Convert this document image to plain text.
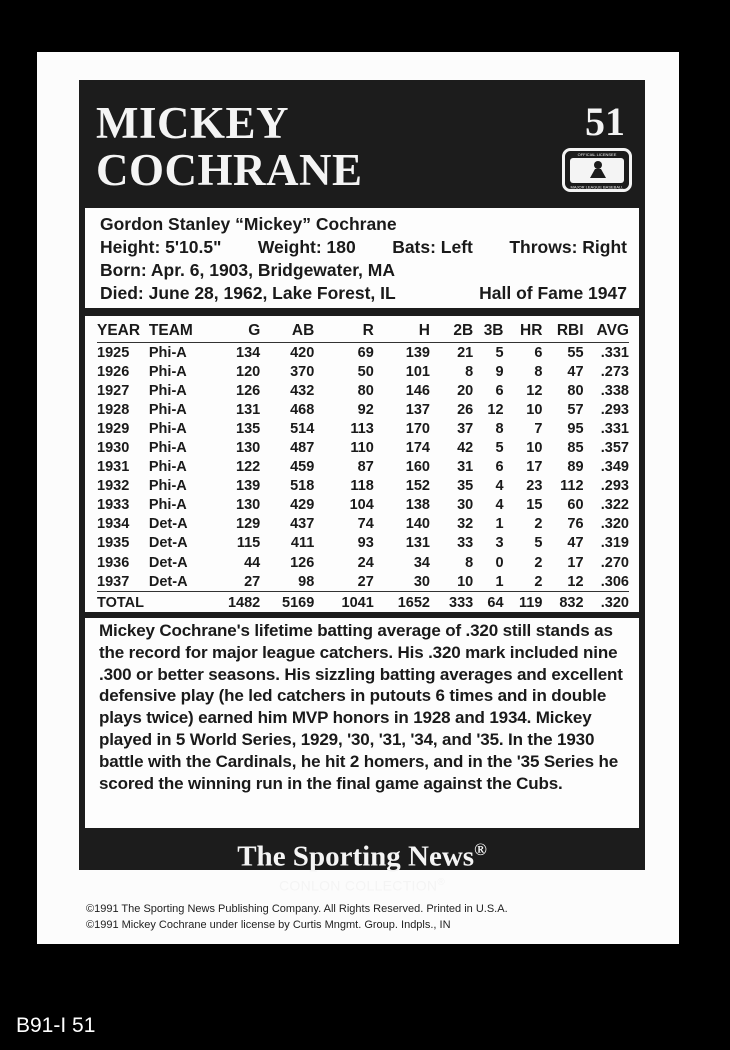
MICKEY
COCHRANE
51
OFFICIAL LICENSEE
MAJOR LEAGUE BASEBALL
Gordon Stanley “Mickey” Cochrane
Height: 5'10.5" Weight: 180 Bats: Left Throws: Right
Born: Apr. 6, 1903, Bridgewater, MA
Died: June 28, 1962, Lake Forest, IL	Hall of Fame 1947
YEAR	TEAM	G	AB	R	H	2B	3B	HR	RBI	AVG
1925	Phi-A	134	420	69	139	21	5	6	55	.331
1926	Phi-A	120	370	50	101	8	9	8	47	.273
1927	Phi-A	126	432	80	146	20	6	12	80	.338
1928	Phi-A	131	468	92	137	26	12	10	57	.293
1929	Phi-A	135	514	113	170	37	8	7	95	.331
1930	Phi-A	130	487	110	174	42	5	10	85	.357
1931	Phi-A	122	459	87	160	31	6	17	89	.349
1932	Phi-A	139	518	118	152	35	4	23	112	.293
1933	Phi-A	130	429	104	138	30	4	15	60	.322
1934	Det-A	129	437	74	140	32	1	2	76	.320
1935	Det-A	115	411	93	131	33	3	5	47	.319
1936	Det-A	44	126	24	34	8	0	2	17	.270
1937	Det-A	27	98	27	30	10	1	2	12	.306
TOTAL		1482	5169	1041	1652	333	64	119	832	.320

Mickey Cochrane's lifetime batting average of .320 still stands as the record for major league catchers. His .320 mark included nine .300 or better seasons. His sizzling batting averages and excellent defensive play (he led catchers in putouts 6 times and in double plays twice) earned him MVP honors in 1928 and 1934. Mickey played in 5 World Series, 1929, '30, '31, '34, and '35. In the 1930 battle with the Cardinals, he hit 2 homers, and in the '35 Series he scored the winning run in the final game against the Cubs.

The Sporting News®
CONLON COLLECTION®
©1991 The Sporting News Publishing Company. All Rights Reserved. Printed in U.S.A.
©1991 Mickey Cochrane under license by Curtis Mngmt. Group. Indpls., IN
B91-I 51
